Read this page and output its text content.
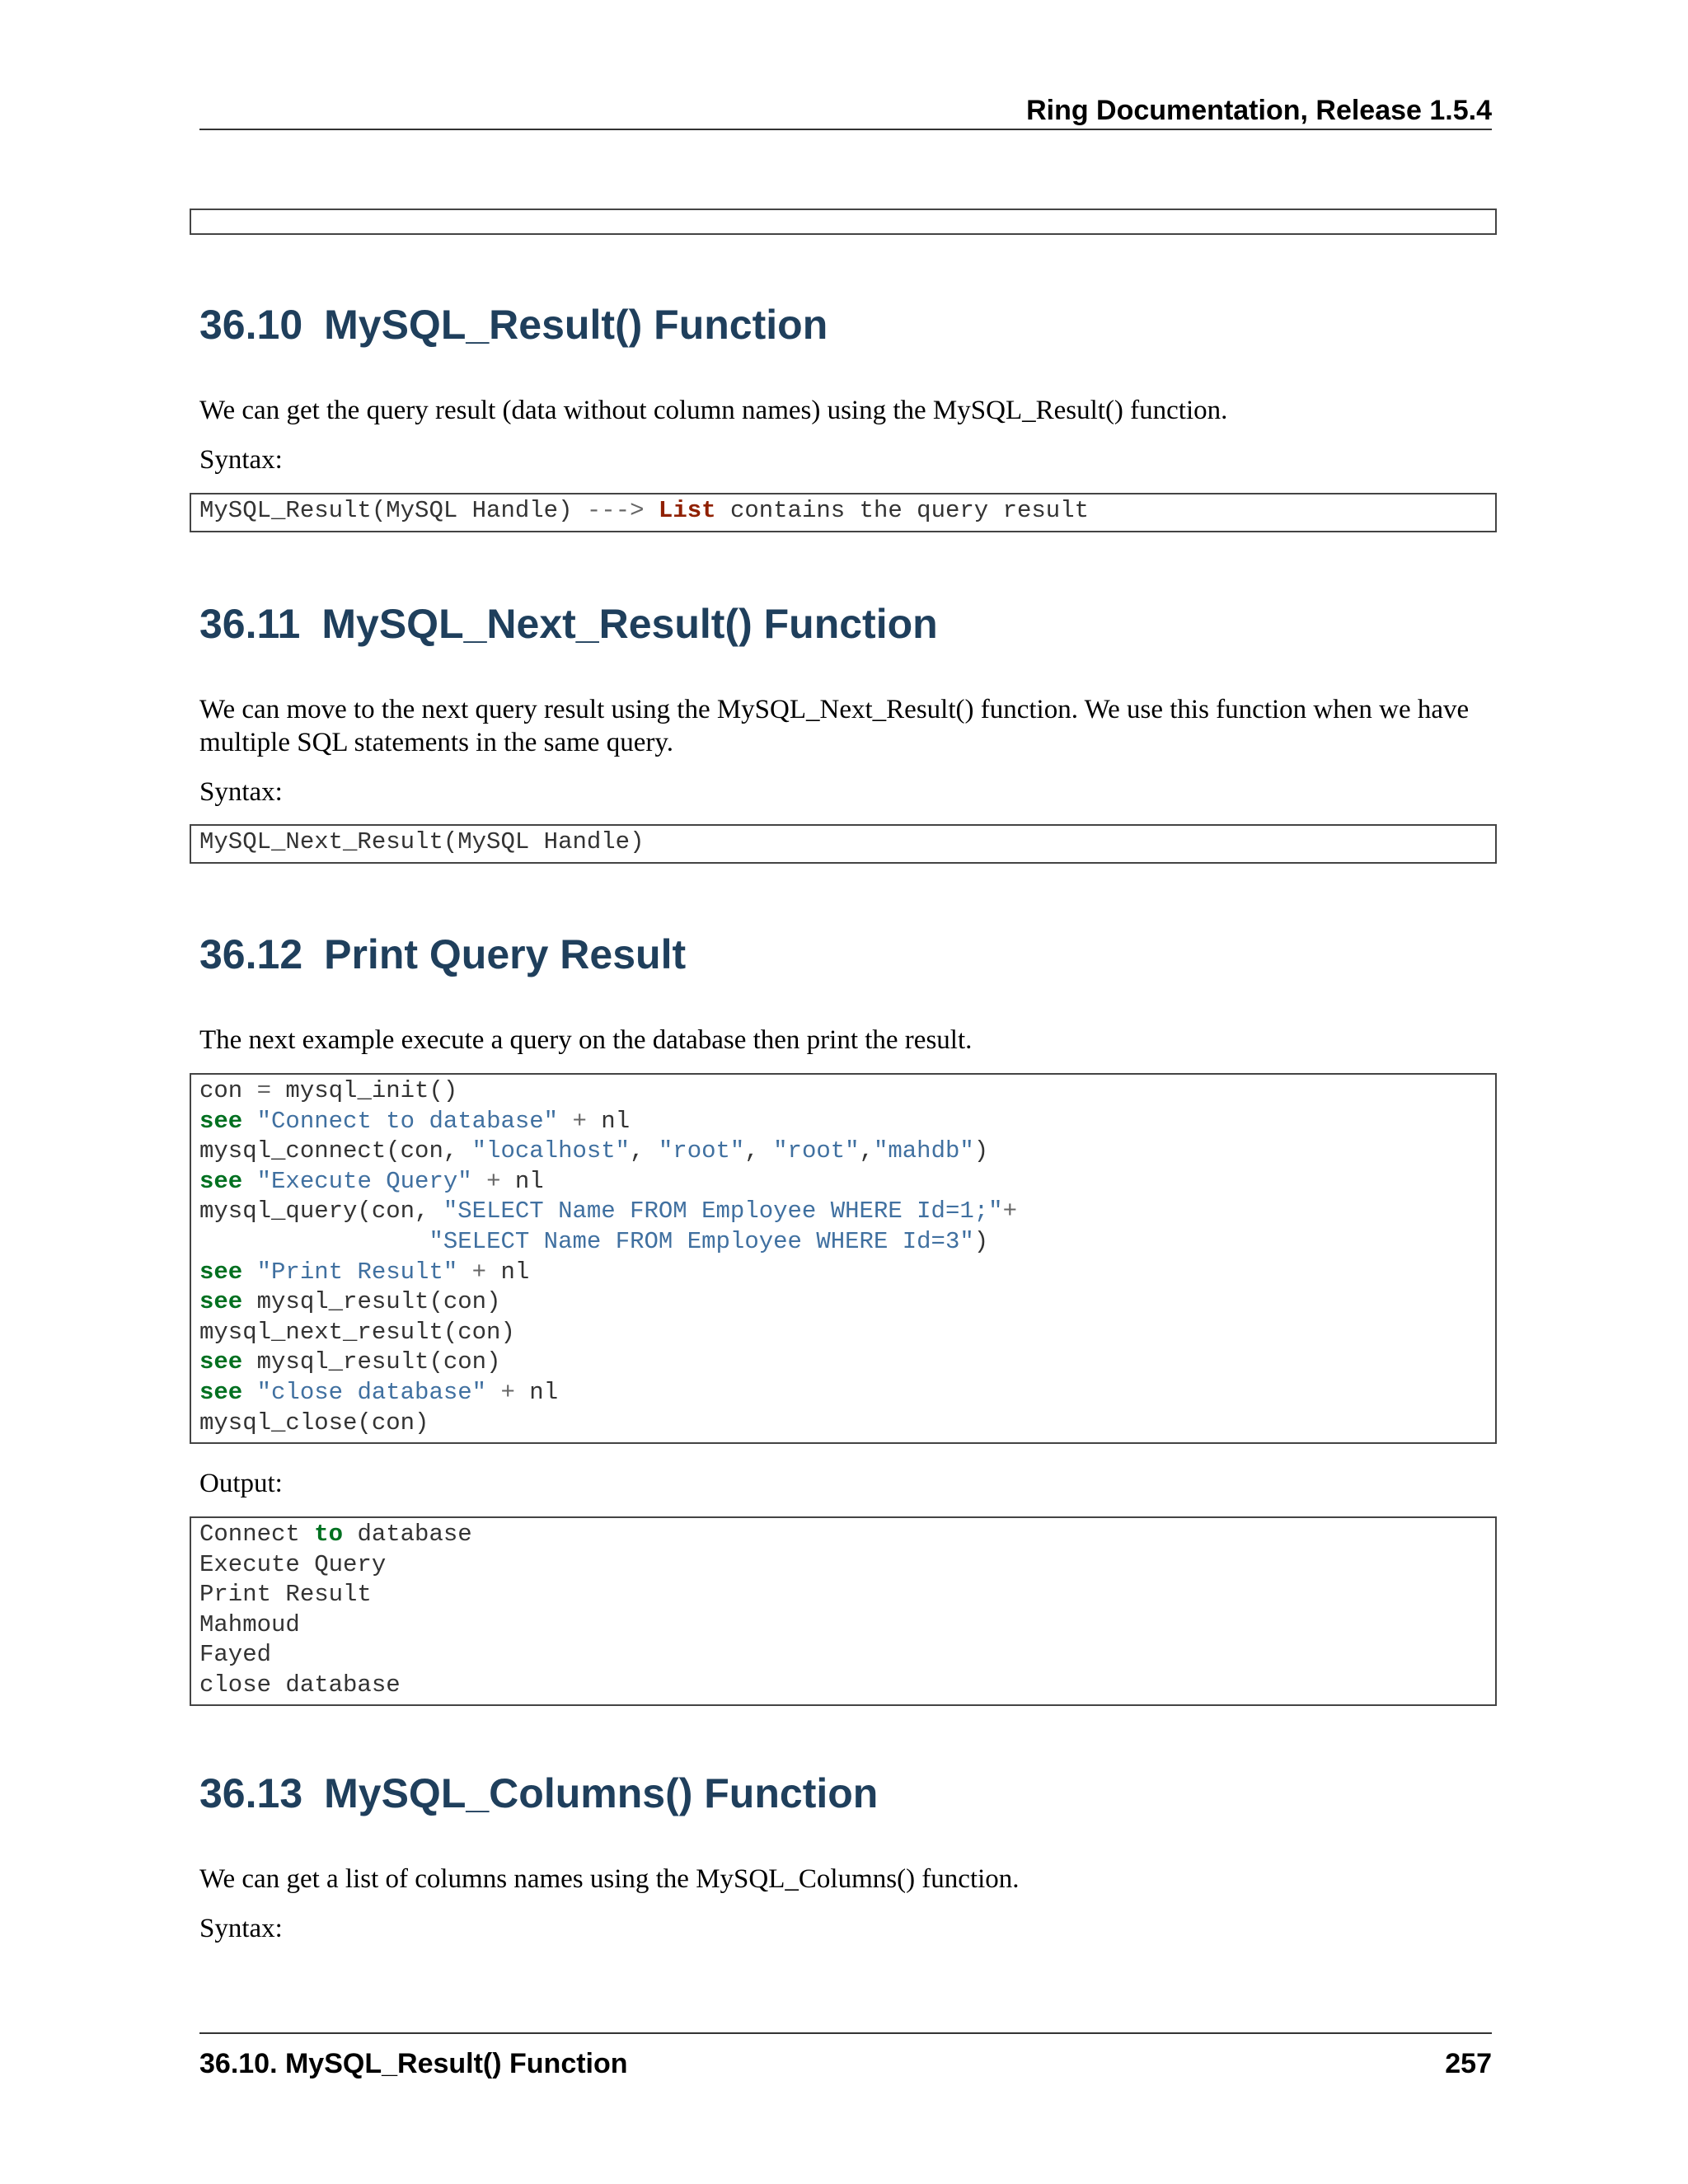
Ring Documentation, Release 1.5.4
36.10 MySQL_Result() Function

We can get the query result (data without column names) using the MySQL_Result() function.

Syntax:

MySQL_Result(MySQL Handle) ---> List contains the query result
36.11 MySQL_Next_Result() Function

We can move to the next query result using the MySQL_Next_Result() function. We use this function when we have multiple SQL statements in the same query.

Syntax:

MySQL_Next_Result(MySQL Handle)
36.12 Print Query Result

The next example execute a query on the database then print the result.

con = mysql_init()
see "Connect to database" + nl
mysql_connect(con, "localhost", "root", "root","mahdb")
see "Execute Query" + nl
mysql_query(con, "SELECT Name FROM Employee WHERE Id=1;"+
"SELECT Name FROM Employee WHERE Id=3")
see "Print Result" + nl
see mysql_result(con)
mysql_next_result(con)
see mysql_result(con)
see "close database" + nl
mysql_close(con)

Output:

Connect to database
Execute Query
Print Result
Mahmoud
Fayed
close database
36.13 MySQL_Columns() Function

We can get a list of columns names using the MySQL_Columns() function.

Syntax:

36.10. MySQL_Result() Function	257
